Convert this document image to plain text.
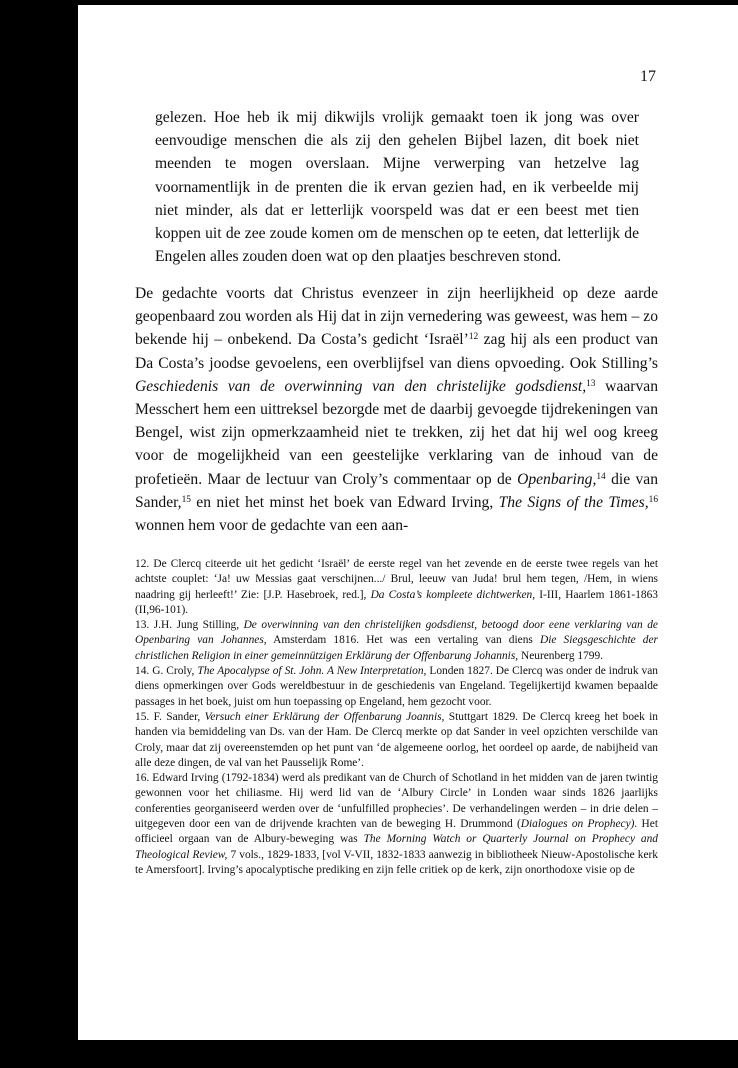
17

gelezen. Hoe heb ik mij dikwijls vrolijk gemaakt toen ik jong was over eenvoudige menschen die als zij den gehelen Bijbel lazen, dit boek niet meenden te mogen overslaan. Mijne verwerping van hetzelve lag voornamentlijk in de prenten die ik ervan gezien had, en ik verbeelde mij niet minder, als dat er letterlijk voorspeld was dat er een beest met tien koppen uit de zee zoude komen om de menschen op te eeten, dat letterlijk de Engelen alles zouden doen wat op den plaatjes beschreven stond.

De gedachte voorts dat Christus evenzeer in zijn heerlijkheid op deze aarde geopenbaard zou worden als Hij dat in zijn vernedering was geweest, was hem – zo bekende hij – onbekend. Da Costa’s gedicht ‘Israël’$^{12}$ zag hij als een product van Da Costa’s joodse gevoelens, een overblijfsel van diens opvoeding. Ook Stilling’s Geschiedenis van de overwinning van den christelijke godsdienst,$^{13}$ waarvan Messchert hem een uittreksel bezorgde met de daarbij gevoegde tijdrekeningen van Bengel, wist zijn opmerkzaamheid niet te trekken, zij het dat hij wel oog kreeg voor de mogelijkheid van een geestelijke verklaring van de inhoud van de profetieën. Maar de lectuur van Croly’s commentaar op de Openbaring,$^{14}$ die van Sander,$^{15}$ en niet het minst het boek van Edward Irving, The Signs of the Times,$^{16}$ wonnen hem voor de gedachte van een aan-

12. De Clercq citeerde uit het gedicht ‘Israël’ de eerste regel van het zevende en de eerste twee regels van het achtste couplet: ‘Ja! uw Messias gaat verschijnen.../ Brul, leeuw van Juda! brul hem tegen, /Hem, in wiens naadring gij herleeft!’ Zie: [J.P. Hasebroek, red.], Da Costa’s kompleete dichtwerken, I-III, Haarlem 1861-1863 (II,96-101).

13. J.H. Jung Stilling, De overwinning van den christelijken godsdienst, betoogd door eene verklaring van de Openbaring van Johannes, Amsterdam 1816. Het was een vertaling van diens Die Siegsgeschichte der christlichen Religion in einer gemeinnützigen Erklärung der Offenbarung Johannis, Neurenberg 1799.

14. G. Croly, The Apocalypse of St. John. A New Interpretation, Londen 1827. De Clercq was onder de indruk van diens opmerkingen over Gods wereldbestuur in de geschiedenis van Engeland. Tegelijkertijd kwamen bepaalde passages in het boek, juist om hun toepassing op Engeland, hem gezocht voor.

15. F. Sander, Versuch einer Erklärung der Offenbarung Joannis, Stuttgart 1829. De Clercq kreeg het boek in handen via bemiddeling van Ds. van der Ham. De Clercq merkte op dat Sander in veel opzichten verschilde van Croly, maar dat zij overeenstemden op het punt van ‘de algemeene oorlog, het oordeel op aarde, de nabijheid van alle deze dingen, de val van het Pausselijk Rome’.

16. Edward Irving (1792-1834) werd als predikant van de Church of Schotland in het midden van de jaren twintig gewonnen voor het chiliasme. Hij werd lid van de ‘Albury Circle’ in Londen waar sinds 1826 jaarlijks conferenties georganiseerd werden over de ‘unfulfilled prophecies’. De verhandelingen werden – in drie delen – uitgegeven door een van de drijvende krachten van de beweging H. Drummond (Dialogues on Prophecy). Het officieel orgaan van de Albury-beweging was The Morning Watch or Quarterly Journal on Prophecy and Theological Review, 7 vols., 1829-1833, [vol V-VII, 1832-1833 aanwezig in bibliotheek Nieuw-Apostolische kerk te Amersfoort]. Irving’s apocalyptische prediking en zijn felle critiek op de kerk, zijn onorthodoxe visie op de
